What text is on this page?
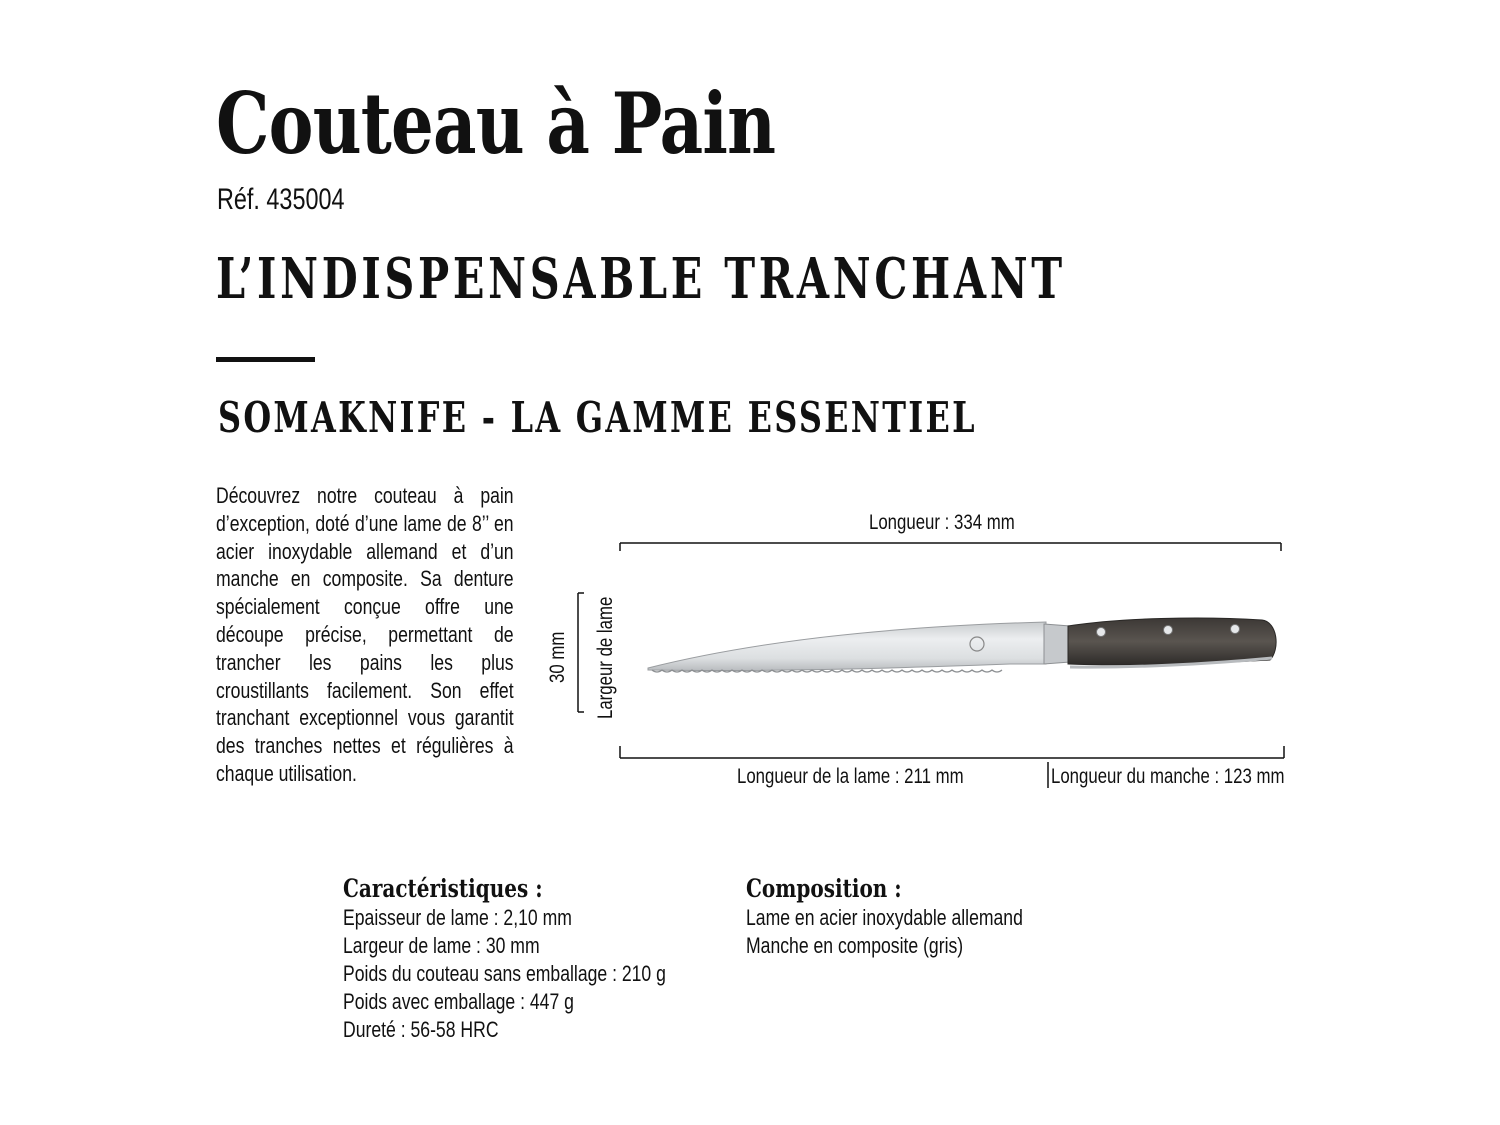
Couteau à Pain
Réf. 435004
L’INDISPENSABLE TRANCHANT
SOMAKNIFE - LA GAMME ESSENTIEL
Découvrez notre couteau à pain d’exception, doté d’une lame de 8’’ en acier inoxydable allemand et d’un manche en composite. Sa denture spécialement conçue offre une découpe précise, permettant de trancher les pains les plus croustillants facilement. Son effet tranchant exceptionnel vous garantit des tranches nettes et régulières à chaque utilisation.
Longueur : 334 mm
Longueur de la lame : 211 mm	Longueur du manche : 123 mm
30 mm Largeur de lame
Caractéristiques :
Epaisseur de lame : 2,10 mm
Largeur de lame : 30 mm
Poids du couteau sans emballage : 210 g
Poids avec emballage : 447 g
Dureté : 56-58 HRC
Composition :
Lame en acier inoxydable allemand
Manche en composite (gris)
